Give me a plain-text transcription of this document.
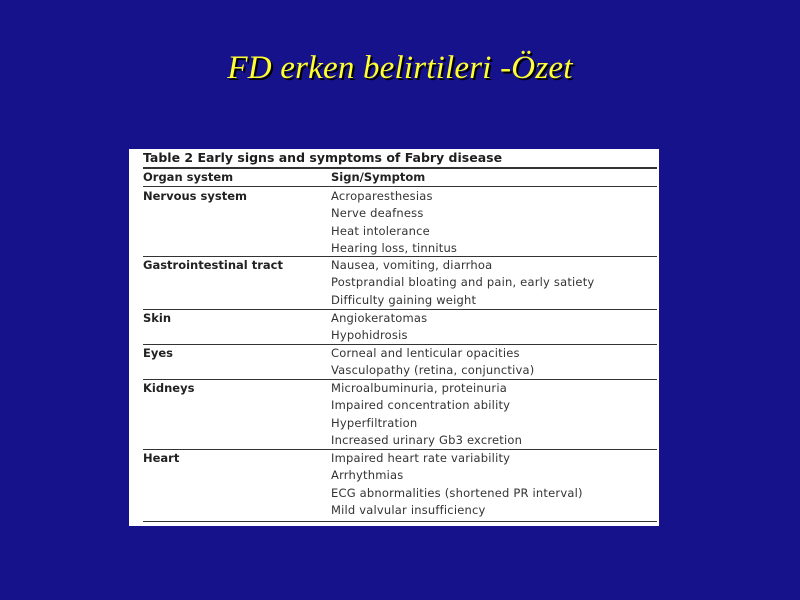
FD erken belirtileri -Özet
Table 2 Early signs and symptoms of Fabry disease
Organ system	Sign/Symptom
Nervous system	Acroparesthesias
Nerve deafness
Heat intolerance
Hearing loss, tinnitus
Gastrointestinal tract	Nausea, vomiting, diarrhoa
Postprandial bloating and pain, early satiety
Difficulty gaining weight
Skin	Angiokeratomas
Hypohidrosis
Eyes	Corneal and lenticular opacities
Vasculopathy (retina, conjunctiva)
Kidneys	Microalbuminuria, proteinuria
Impaired concentration ability
Hyperfiltration
Increased urinary Gb3 excretion
Heart	Impaired heart rate variability
Arrhythmias
ECG abnormalities (shortened PR interval)
Mild valvular insufficiency
